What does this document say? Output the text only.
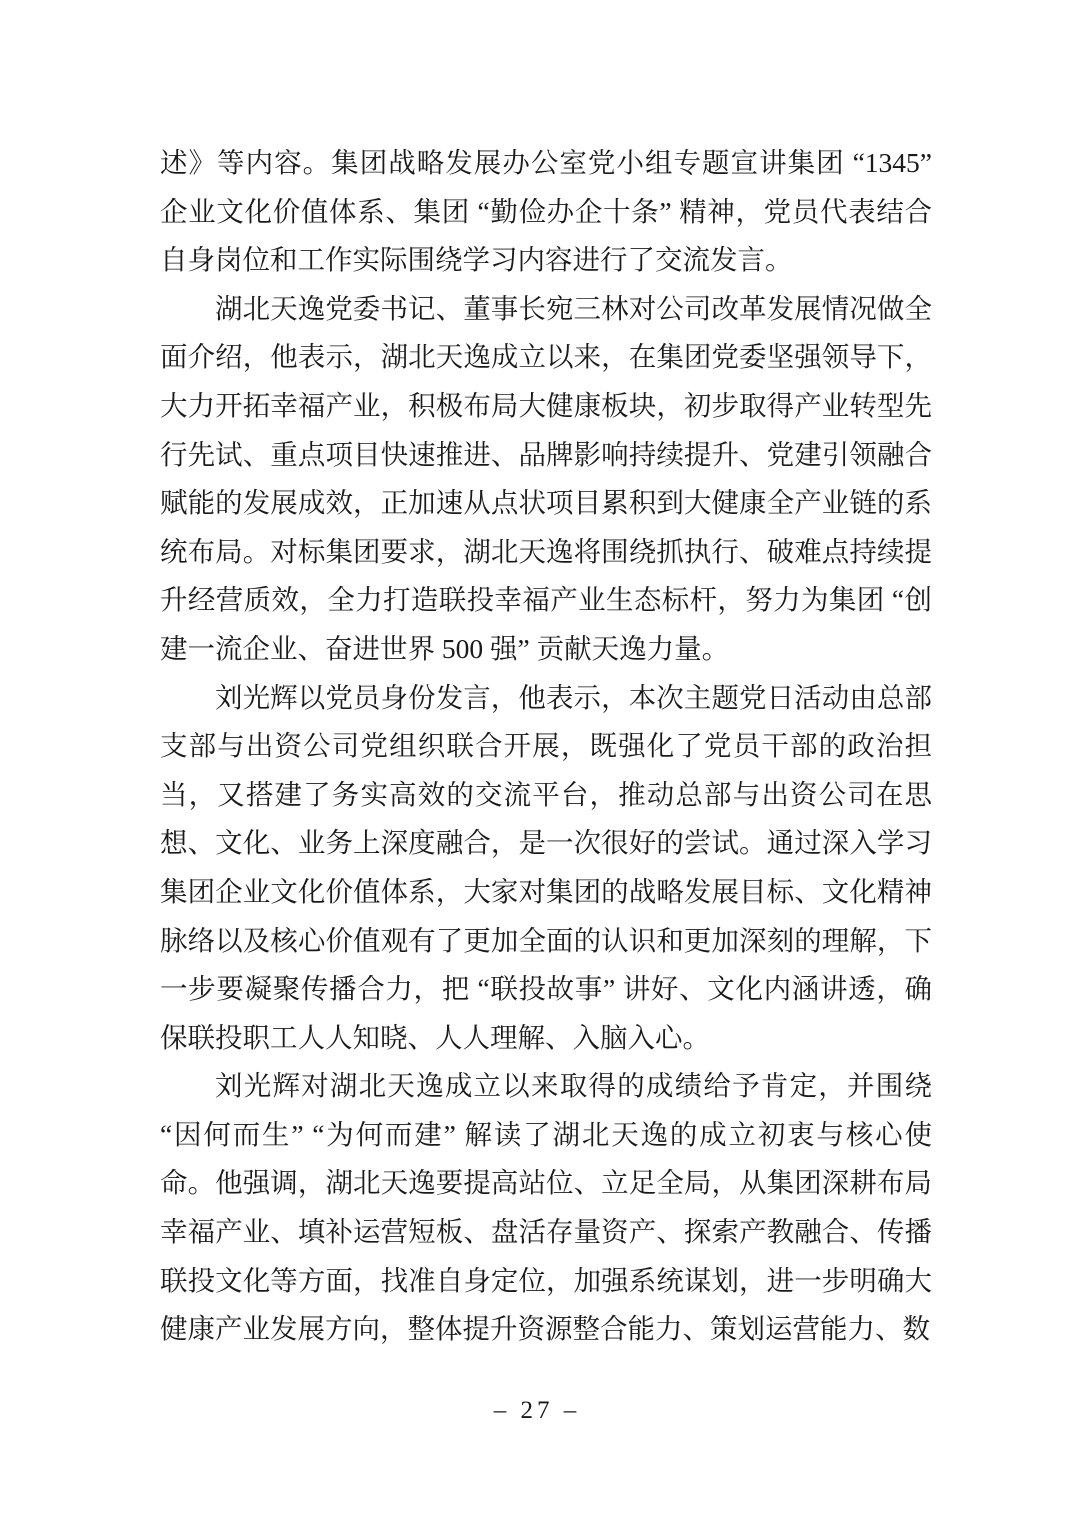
述》等内容。集团战略发展办公室党小组专题宣讲集团 “1345”企业文化价值体系、集团 “勤俭办企十条” 精神，党员代表结合自身岗位和工作实际围绕学习内容进行了交流发言。

湖北天逸党委书记、董事长宛三林对公司改革发展情况做全面介绍，他表示，湖北天逸成立以来，在集团党委坚强领导下，大力开拓幸福产业，积极布局大健康板块，初步取得产业转型先行先试、重点项目快速推进、品牌影响持续提升、党建引领融合赋能的发展成效，正加速从点状项目累积到大健康全产业链的系统布局。对标集团要求，湖北天逸将围绕抓执行、破难点持续提升经营质效，全力打造联投幸福产业生态标杆，努力为集团 “创建一流企业、奋进世界 500 强” 贡献天逸力量。

刘光辉以党员身份发言，他表示，本次主题党日活动由总部支部与出资公司党组织联合开展，既强化了党员干部的政治担当，又搭建了务实高效的交流平台，推动总部与出资公司在思想、文化、业务上深度融合，是一次很好的尝试。通过深入学习集团企业文化价值体系，大家对集团的战略发展目标、文化精神脉络以及核心价值观有了更加全面的认识和更加深刻的理解，下一步要凝聚传播合力，把 “联投故事” 讲好、文化内涵讲透，确保联投职工人人知晓、人人理解、入脑入心。

刘光辉对湖北天逸成立以来取得的成绩给予肯定，并围绕 “因何而生” “为何而建” 解读了湖北天逸的成立初衷与核心使命。他强调，湖北天逸要提高站位、立足全局，从集团深耕布局幸福产业、填补运营短板、盘活存量资产、探索产教融合、传播联投文化等方面，找准自身定位，加强系统谋划，进一步明确大健康产业发展方向，整体提升资源整合能力、策划运营能力、数

– 27 –
